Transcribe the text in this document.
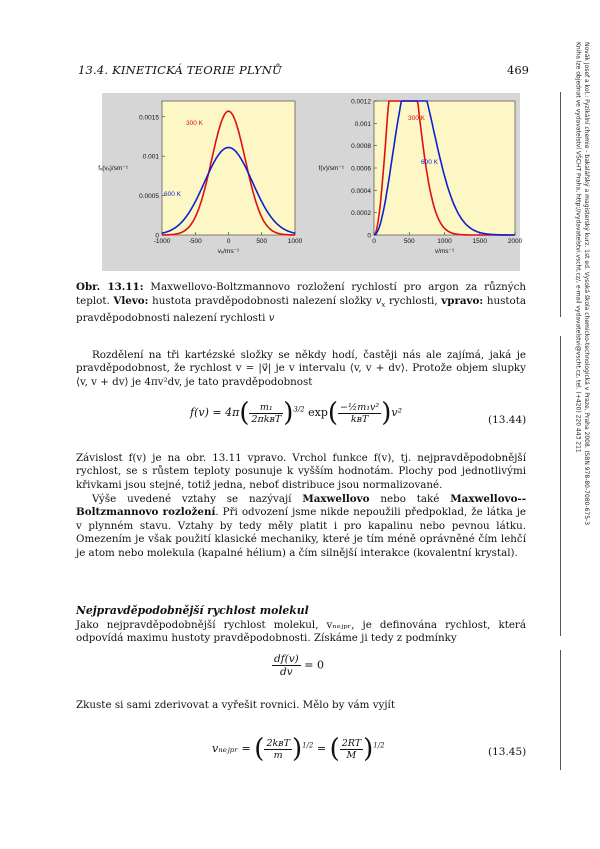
13.4. KINETICKÁ TEORIE PLYNŮ	469	Novák Josef a kol.: Fyzikální chemie - bakalářský a magisterský kurz. 1st ed. Vysoká škola chemicko-technologická v Praze, Praha 2008. ISBN 978-80-7080-675-3
Kniha lze objednat ve vydavatelství VŠCHT Praha, http://vydavatelstvi.vscht.cz/, e-mail vydavatelstvi@vscht.cz, tel. (+420) 220 443 211
0
0.0005
0.001
0.0015
-1000	-500	0	500	1000
vₓ/ms⁻¹
fₓ(vₓ)/sm⁻¹
300 K
600 K
0
0.0002
0.0004
0.0006
0.0008
0.001
0.0012
0	500	1000	1500	2000
v/ms⁻¹
f(v)/sm⁻¹
300 K
600 K
Obr. 13.11: Maxwellovo-Boltzmannovo rozložení rychlostí pro argon za různých teplot. Vlevo: hustota pravděpodobnosti nalezení složky $v_x$ rychlosti, vpravo: hustota pravděpodobnosti nalezení rychlosti v
Rozdělení na tři kartézské složky se někdy hodí, častěji nás ale zajímá, jaká je pravděpodobnost, že rychlost v = |v⃗| je v intervalu ⟨v, v + dv⟩. Protože objem slupky ⟨v, v + dv⟩ je 4πv²dv, je tato pravděpodobnost
$f(v) = 4\pi( \frac{\text{m₁}}{\text{2πkʙT}} )^{3/2}$ $\exp( \frac{\text{−½m₁v²}}{\text{kʙT}} )v^2$
(13.44)
Závislost f(v) je na obr. 13.11 vpravo. Vrchol funkce f(v), tj. nejpravděpodobnější rychlost, se s růstem teploty posunuje k vyšším hodnotám. Plochy pod jednotlivými křivkami jsou stejné, totiž jedna, neboť distribuce jsou normalizované.
Výše uvedené vztahy se nazývají Maxwellovo nebo také Maxwellovo--Boltzmannovo rozložení. Při odvození jsme nikde nepoužili předpoklad, že látka je v plynném stavu. Vztahy by tedy měly platit i pro kapalinu nebo pevnou látku. Omezením je však použití klasické mechaniky, které je tím méně oprávněné čím lehčí je atom nebo molekula (kapalné hélium) a čím silnější interakce (kovalentní krystal).
Nejpravděpodobnější rychlost molekul
Jako nejpravděpodobnější rychlost molekul, vₙₑⱼₚᵣ, je definována rychlost, která odpovídá maximu hustoty pravděpodobnosti. Získáme ji tedy z podmínky
$\frac{df(v)}{dv} = 0$
Zkuste si sami zderivovat a vyřešit rovnici. Mělo by vám vyjít
vₙₑⱼₚᵣ = ( $\frac{\text{2kʙT}}{m} )^{1/2}$ = ( $\frac{2RT}{M} )^{1/2}$
(13.45)
